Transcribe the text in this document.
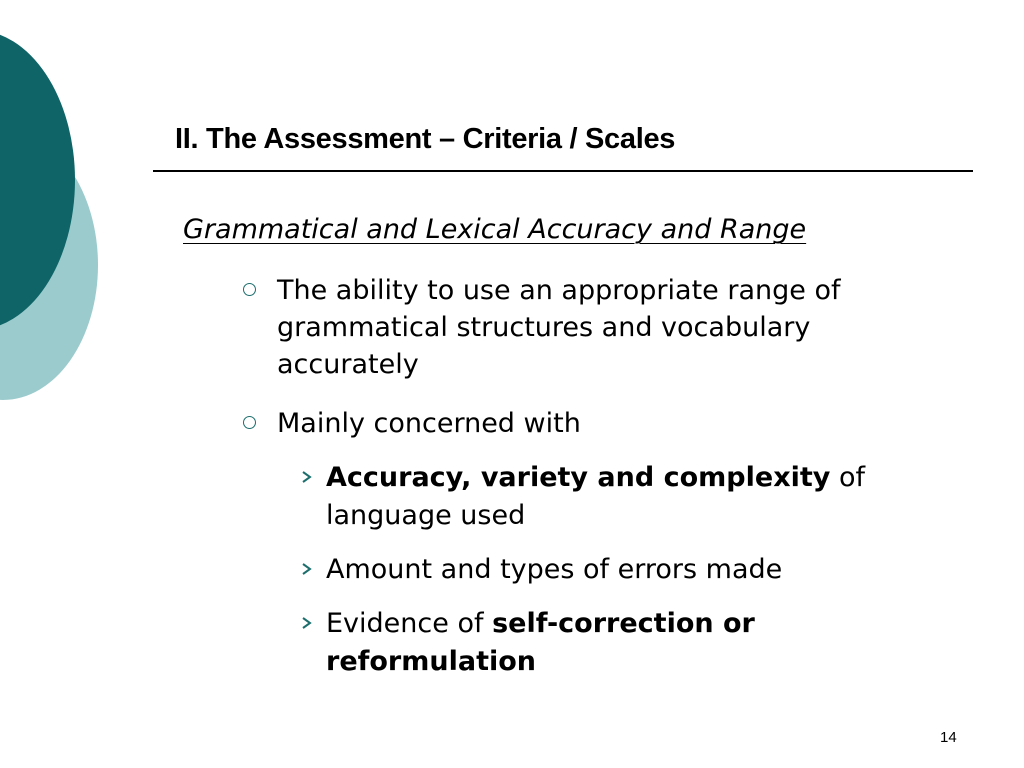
II. The Assessment – Criteria / Scales
Grammatical and Lexical Accuracy and Range
The ability to use an appropriate range of grammatical structures and vocabulary accurately
Mainly concerned with
Accuracy, variety and complexity of language used
Amount and types of errors made
Evidence of self-correction or reformulation
14
